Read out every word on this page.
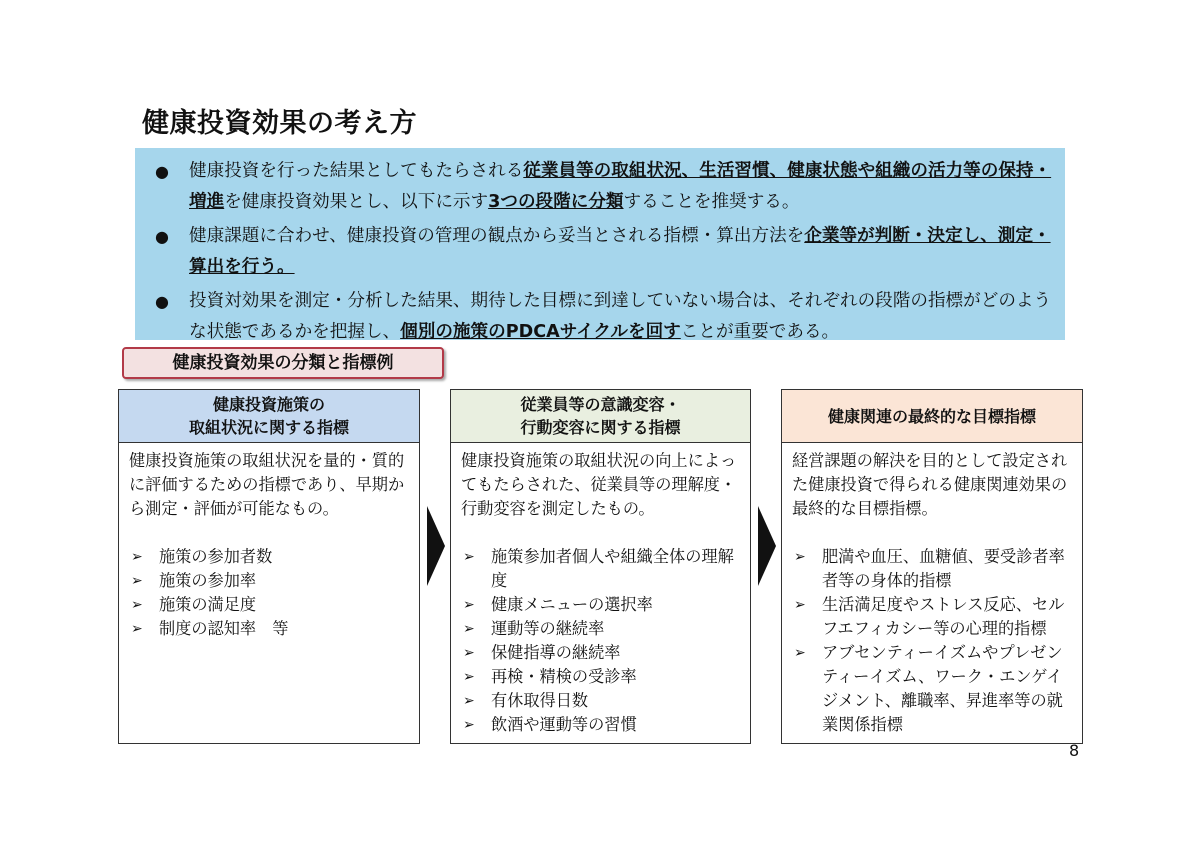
健康投資効果の考え方
● 健康投資を行った結果としてもたらされる従業員等の取組状況、生活習慣、健康状態や組織の活力等の保持・増進を健康投資効果とし、以下に示す3つの段階に分類することを推奨する。
● 健康課題に合わせ、健康投資の管理の観点から妥当とされる指標・算出方法を企業等が判断・決定し、測定・算出を行う。
● 投資対効果を測定・分析した結果、期待した目標に到達していない場合は、それぞれの段階の指標がどのような状態であるかを把握し、個別の施策のPDCAサイクルを回すことが重要である。
健康投資効果の分類と指標例
健康投資施策の
取組状況に関する指標
健康投資施策の取組状況を量的・質的に評価するための指標であり、早期から測定・評価が可能なもの。
➢ 施策の参加者数
➢ 施策の参加率
➢ 施策の満足度
➢ 制度の認知率　等
従業員等の意識変容・
行動変容に関する指標
健康投資施策の取組状況の向上によってもたらされた、従業員等の理解度・行動変容を測定したもの。
➢ 施策参加者個人や組織全体の理解度
➢ 健康メニューの選択率
➢ 運動等の継続率
➢ 保健指導の継続率
➢ 再検・精検の受診率
➢ 有休取得日数
➢ 飲酒や運動等の習慣
健康関連の最終的な目標指標
経営課題の解決を目的として設定された健康投資で得られる健康関連効果の最終的な目標指標。
➢ 肥満や血圧、血糖値、要受診者率者等の身体的指標
➢ 生活満足度やストレス反応、セルフエフィカシー等の心理的指標
➢ アブセンティーイズムやプレゼンティーイズム、ワーク・エンゲイジメント、離職率、昇進率等の就業関係指標
8
